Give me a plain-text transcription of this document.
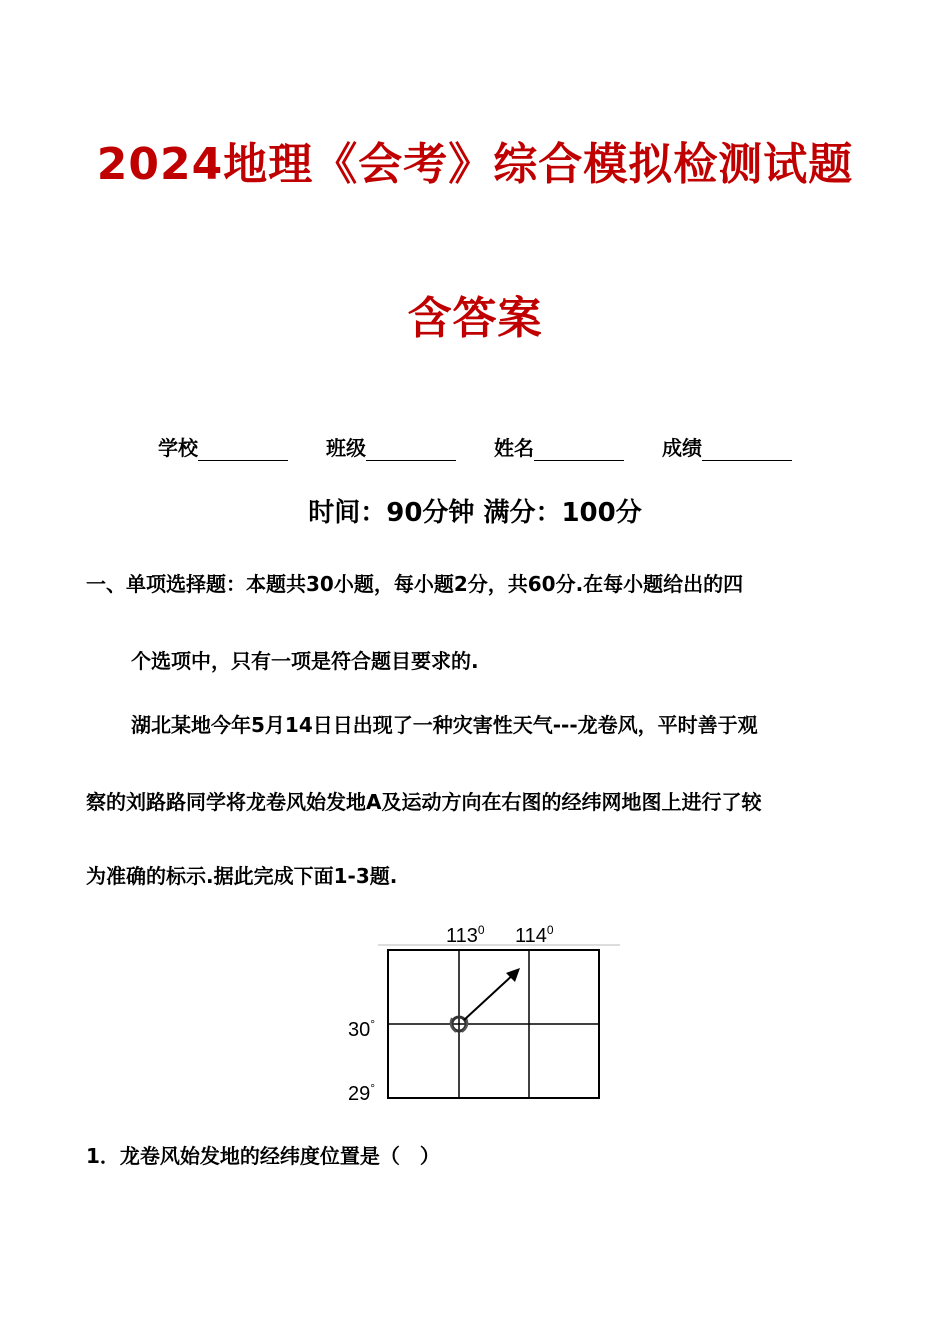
2024地理《会考》综合模拟检测试题
含答案
学校	班级	姓名	成绩
时间：90分钟 满分：100分
一、单项选择题：本题共30小题，每小题2分，共60分.在每小题给出的四
个选项中，只有一项是符合题目要求的.
湖北某地今年5月14日日出现了一种灾害性天气---龙卷风，平时善于观
察的刘路路同学将龙卷风始发地A及运动方向在右图的经纬网地图上进行了较
为准确的标示.据此完成下面1-3题.
$113^0$ $114^0$
30°
29°
1．龙卷风始发地的经纬度位置是（　）
